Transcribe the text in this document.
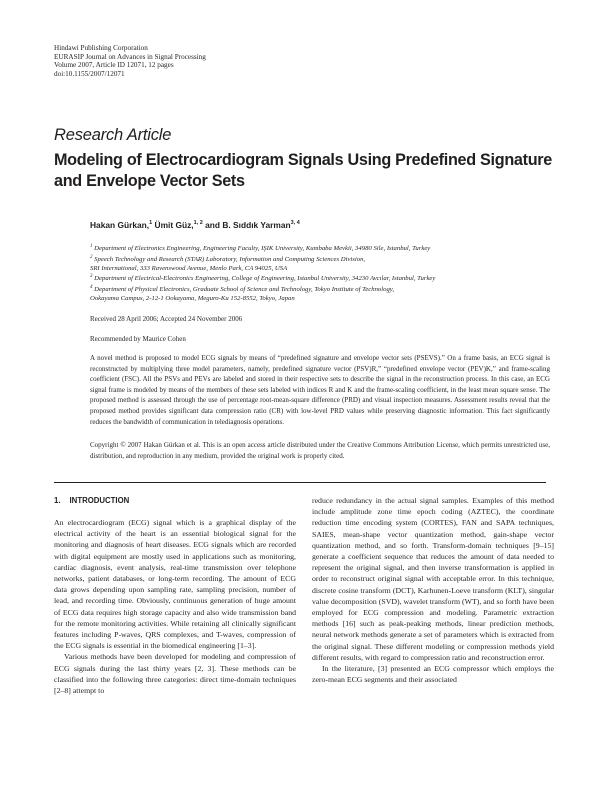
Hindawi Publishing Corporation
EURASIP Journal on Advances in Signal Processing
Volume 2007, Article ID 12071, 12 pages
doi:10.1155/2007/12071
Research Article
Modeling of Electrocardiogram Signals Using Predefined Signature and Envelope Vector Sets
Hakan Gürkan,$^1$ Ümit Güz,$^{1, 2}$ and B. Sıddık Yarman$^{3, 4}$
$^1$ Department of Electronics Engineering, Engineering Faculty, IŞIK University, Kumbaba Mevkii, 34980 Sile, Istanbul, Turkey
$^2$ Speech Technology and Research (STAR) Laboratory, Information and Computing Sciences Division,
SRI International, 333 Ravenswood Avenue, Menlo Park, CA 94025, USA
$^3$ Department of Electrical-Electronics Engineering, College of Engineering, Istanbul University, 34230 Avcılar, Istanbul, Turkey
$^4$ Department of Physical Electronics, Graduate School of Science and Technology, Tokyo Institute of Technology,
Ookayama Campus, 2-12-1 Ookayama, Meguro-Ku 152-8552, Tokyo, Japan
Received 28 April 2006; Accepted 24 November 2006
Recommended by Maurice Cohen
A novel method is proposed to model ECG signals by means of “predefined signature and envelope vector sets (PSEVS).” On a frame basis, an ECG signal is reconstructed by multiplying three model parameters, namely, predefined signature vector (PSV)R,” “predefined envelope vector (PEV)K,” and frame-scaling coefficient (FSC). All the PSVs and PEVs are labeled and stored in their respective sets to describe the signal in the reconstruction process. In this case, an ECG signal frame is modeled by means of the members of these sets labeled with indices R and K and the frame-scaling coefficient, in the least mean square sense. The proposed method is assessed through the use of percentage root-mean-square difference (PRD) and visual inspection measures. Assessment results reveal that the proposed method provides significant data compression ratio (CR) with low-level PRD values while preserving diagnostic information. This fact significantly reduces the bandwidth of communication in telediagnosis operations.
Copyright © 2007 Hakan Gürkan et al. This is an open access article distributed under the Creative Commons Attribution License, which permits unrestricted use, distribution, and reproduction in any medium, provided the original work is properly cited.
1. INTRODUCTION

An electrocardiogram (ECG) signal which is a graphical display of the electrical activity of the heart is an essential biological signal for the monitoring and diagnosis of heart diseases. ECG signals which are recorded with digital equipment are mostly used in applications such as monitoring, cardiac diagnosis, event analysis, real-time transmission over telephone networks, patient databases, or long-term recording. The amount of ECG data grows depending upon sampling rate, sampling precision, number of lead, and recording time. Obviously, continuous generation of huge amount of ECG data requires high storage capacity and also wide transmission band for the remote monitoring activities. While retaining all clinically significant features including P-waves, QRS complexes, and T-waves, compression of the ECG signals is essential in the biomedical engineering [1–3].

Various methods have been developed for modeling and compression of ECG signals during the last thirty years [2, 3]. These methods can be classified into the following three categories: direct time-domain techniques [2–8] attempt to

reduce redundancy in the actual signal samples. Examples of this method include amplitude zone time epoch coding (AZTEC), the coordinate reduction time encoding system (CORTES), FAN and SAPA techniques, SAIES, mean-shape vector quantization method, gain-shape vector quantization method, and so forth. Transform-domain techniques [9–15] generate a coefficient sequence that reduces the amount of data needed to represent the original signal, and then inverse transformation is applied in order to reconstruct original signal with acceptable error. In this technique, discrete cosine transform (DCT), Karhunen-Loeve transform (KLT), singular value decomposition (SVD), wavelet transform (WT), and so forth have been employed for ECG compression and modeling. Parametric extraction methods [16] such as peak-peaking methods, linear prediction methods, neural network methods generate a set of parameters which is extracted from the original signal. These different modeling or compression methods yield different results, with regard to compression ratio and reconstruction error.

In the literature, [3] presented an ECG compressor which employs the zero-mean ECG segments and their associated
